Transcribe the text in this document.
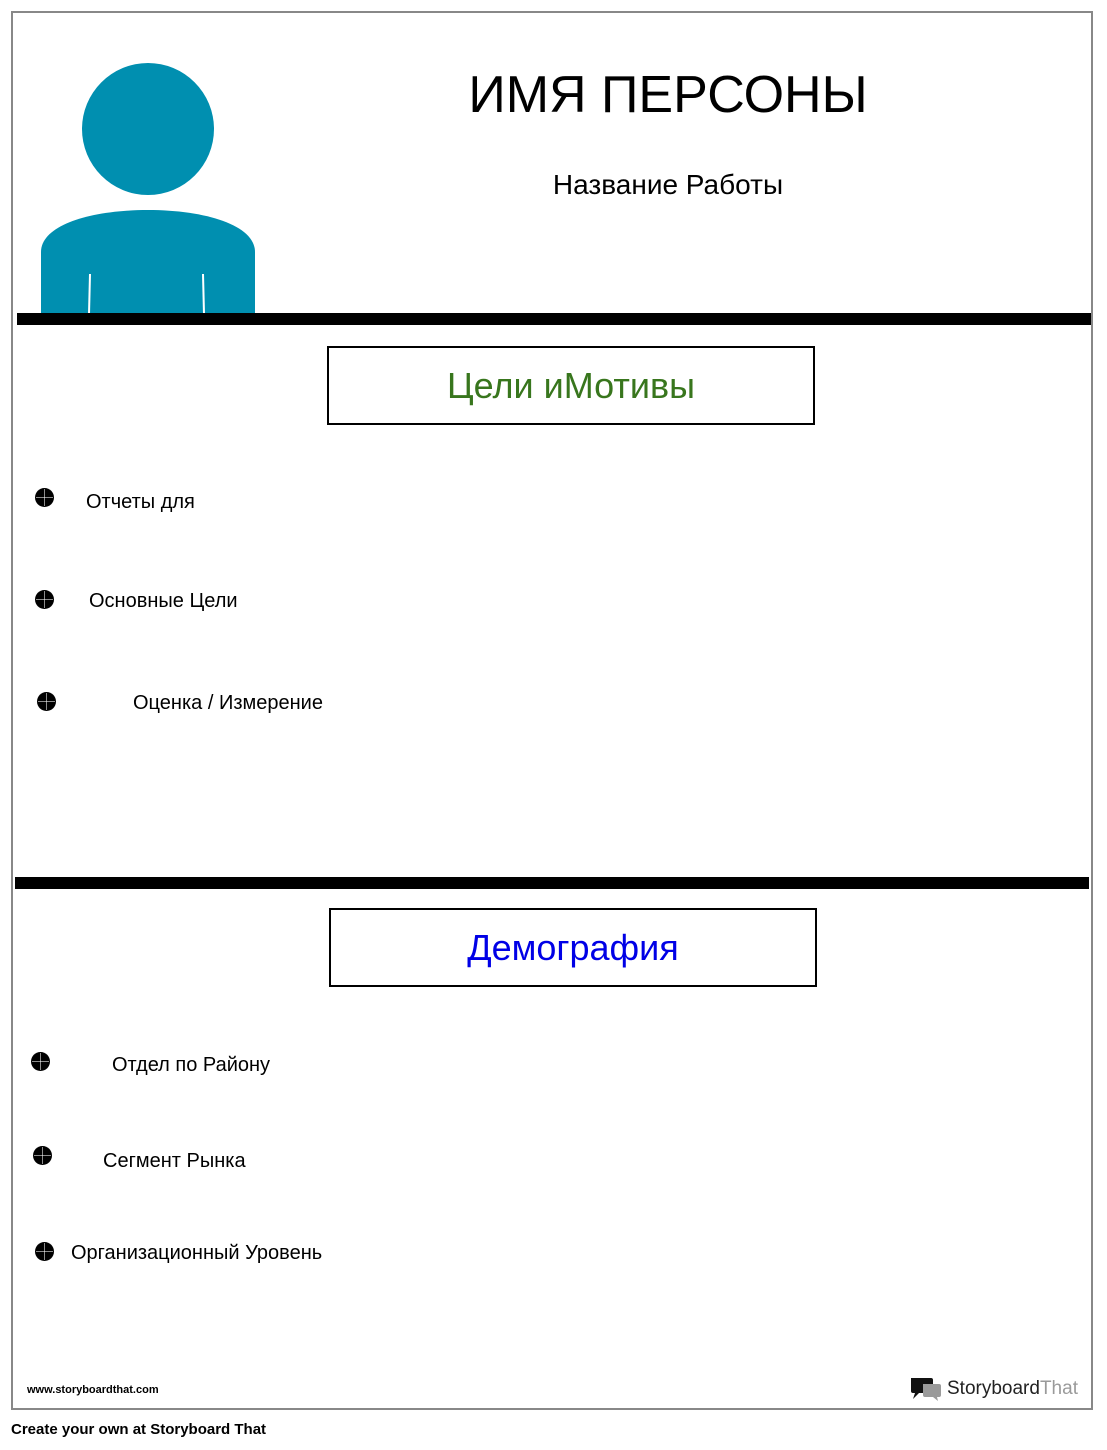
ИМЯ ПЕРСОНЫ
Название Работы
Цели иМотивы
Отчеты для
Основные Цели
Оценка / Измерение
Демография
Отдел по Району
Сегмент Рынка
Организационный Уровень
www.storyboardthat.com	Storyboard That
Create your own at Storyboard That
